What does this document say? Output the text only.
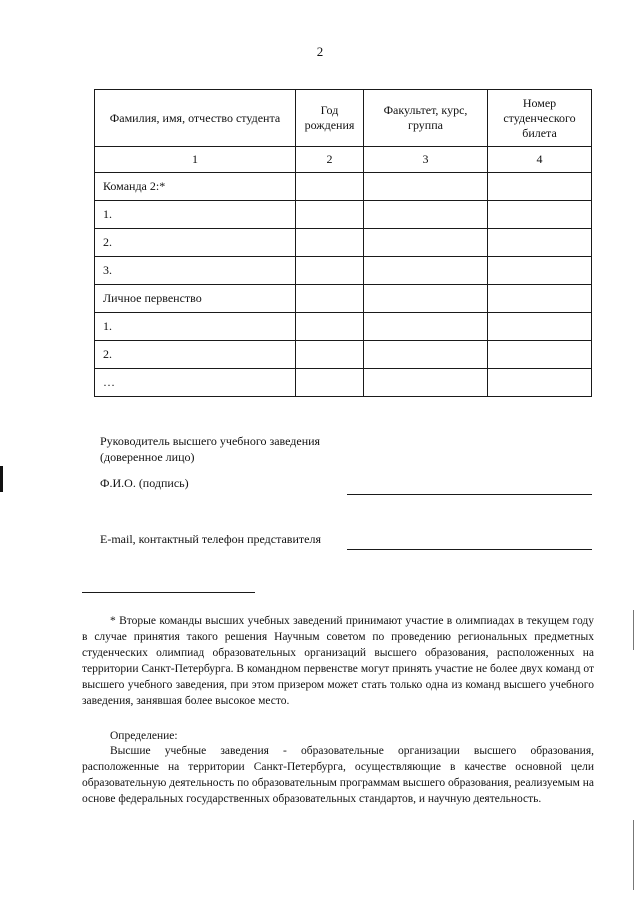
2
Фамилия, имя, отчество студента	Год рождения	Факультет, курс, группа	Номер студенческого билета
1	2	3	4
Команда 2:*			
1.			
2.			
3.			
Личное первенство			
1.			
2.			
…			
Руководитель высшего учебного заведения
(доверенное лицо)
Ф.И.О. (подпись)
E-mail, контактный телефон представителя

* Вторые команды высших учебных заведений принимают участие в олимпиадах в текущем году в случае принятия такого решения Научным советом по проведению региональных предметных студенческих олимпиад образовательных организаций высшего образования, расположенных на территории Санкт-Петербурга. В командном первенстве могут принять участие не более двух команд от высшего учебного заведения, при этом призером может стать только одна из команд высшего учебного заведения, занявшая более высокое место.

Определение:

Высшие учебные заведения - образовательные организации высшего образования, расположенные на территории Санкт-Петербурга, осуществляющие в качестве основной цели образовательную деятельность по образовательным программам высшего образования, реализуемым на основе федеральных государственных образовательных стандартов, и научную деятельность.
